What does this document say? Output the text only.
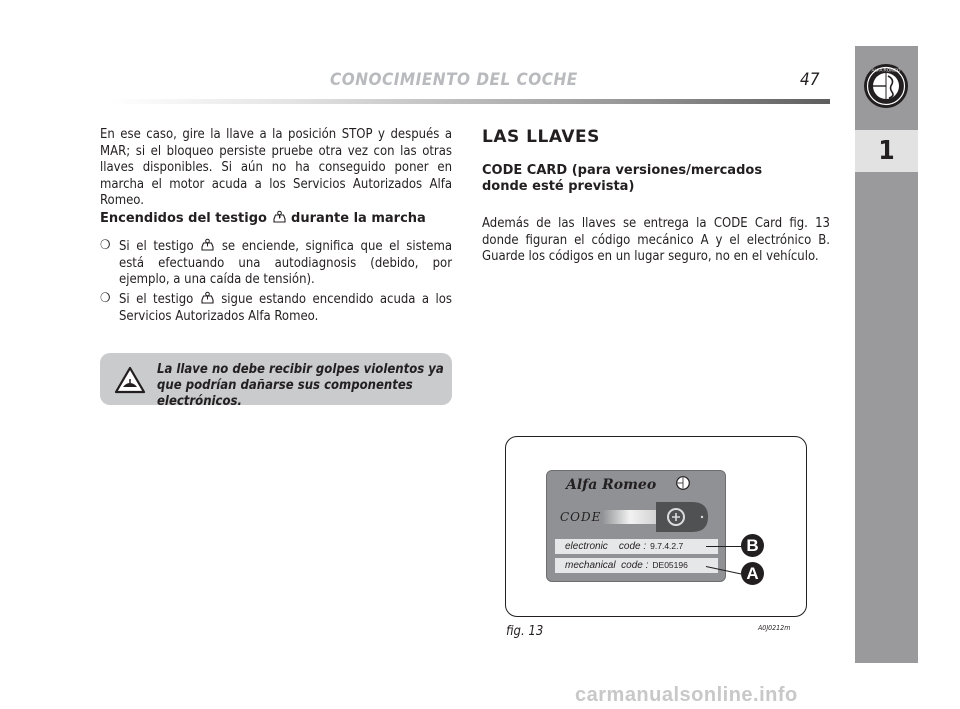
CONOCIMIENTO DEL COCHE	47	ALFA ROMEO
1
En ese caso, gire la llave a la posición STOP y después a MAR; si el bloqueo persiste pruebe otra vez con las otras llaves disponibles. Si aún no ha conseguido poner en marcha el motor acuda a los Servicios Autorizados Alfa Romeo.
Encendidos del testigo durante la marcha
❍ Si el testigo se enciende, significa que el sistema está efectuando una autodiagnosis (debido, por ejemplo, a una caída de tensión).
❍ Si el testigo sigue estando encendido acuda a los Servicios Autorizados Alfa Romeo.
La llave no debe recibir golpes violentos ya que podrían dañarse sus componentes electrónicos.
LAS LLAVES
CODE CARD (para versiones/mercados donde esté prevista)
Además de las llaves se entrega la CODE Card fig. 13 donde figuran el código mecánico A y el electrónico B. Guarde los códigos en un lugar seguro, no en el vehículo.
Alfa Romeo
CODE
electronic    code : 9.7.4.2.7
mechanical  code : DE05196
B
A
fig. 13	A0J0212m
carmanualsonline.info
